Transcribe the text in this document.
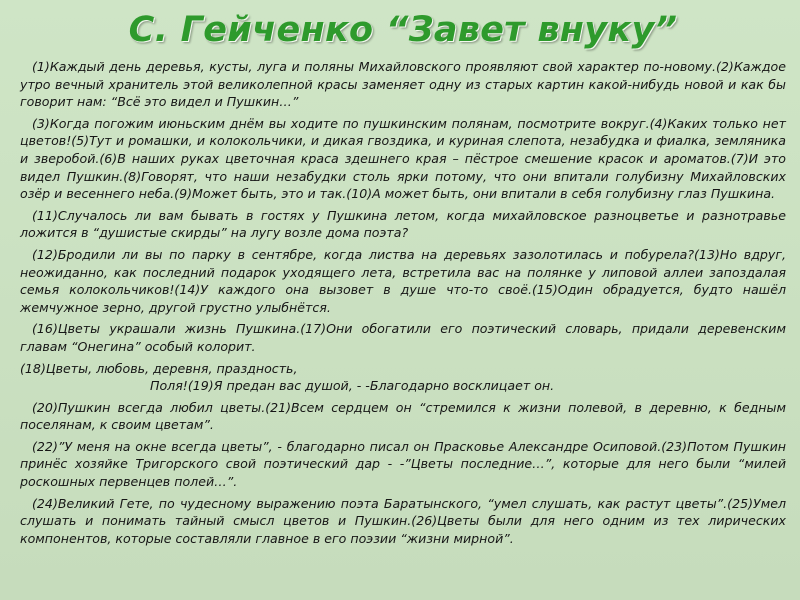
С. Гейченко “Завет внуку”

(1)Каждый день деревья, кусты, луга и поляны Михайловского проявляют свой характер по-новому.(2)Каждое утро вечный хранитель этой великолепной красы заменяет одну из старых картин какой-нибудь новой и как бы говорит нам: “Всё это видел и Пушкин…”

(3)Когда погожим июньским днём вы ходите по пушкинским полянам, посмотрите вокруг.(4)Каких только нет цветов!(5)Тут и ромашки, и колокольчики, и дикая гвоздика, и куриная слепота, незабудка и фиалка, земляника и зверобой.(6)В наших руках цветочная краса здешнего края – пёстрое смешение красок и ароматов.(7)И это видел Пушкин.(8)Говорят, что наши незабудки столь ярки потому, что они впитали голубизну Михайловских озёр и весеннего неба.(9)Может быть, это и так.(10)А может быть, они впитали в себя голубизну глаз Пушкина.

(11)Случалось ли вам бывать в гостях у Пушкина летом, когда михайловское разноцветье и разнотравье ложится в “душистые скирды” на лугу возле дома поэта?

(12)Бродили ли вы по парку в сентябре, когда листва на деревьях зазолотилась и побурела?(13)Но вдруг, неожиданно, как последний подарок уходящего лета, встретила вас на полянке у липовой аллеи запоздалая семья колокольчиков!(14)У каждого она вызовет в душе что-то своё.(15)Один обрадуется, будто нашёл жемчужное зерно, другой грустно улыбнётся.

(16)Цветы украшали жизнь Пушкина.(17)Они обогатили его поэтический словарь, придали деревенским главам “Онегина” особый колорит.

(18)Цветы, любовь, деревня, праздность,

Поля!(19)Я предан вас душой, - -Благодарно восклицает он.

(20)Пушкин всегда любил цветы.(21)Всем сердцем он “стремился к жизни полевой, в деревню, к бедным поселянам, к своим цветам”.

(22)”У меня на окне всегда цветы”, - благодарно писал он Прасковье Александре Осиповой.(23)Потом Пушкин принёс хозяйке Тригорского свой поэтический дар - -”Цветы последние…”, которые для него были “милей роскошных первенцев полей…”.

(24)Великий Гете, по чудесному выражению поэта Баратынского, “умел слушать, как растут цветы”.(25)Умел слушать и понимать тайный смысл цветов и Пушкин.(26)Цветы были для него одним из тех лирических компонентов, которые составляли главное в его поэзии “жизни мирной”.
